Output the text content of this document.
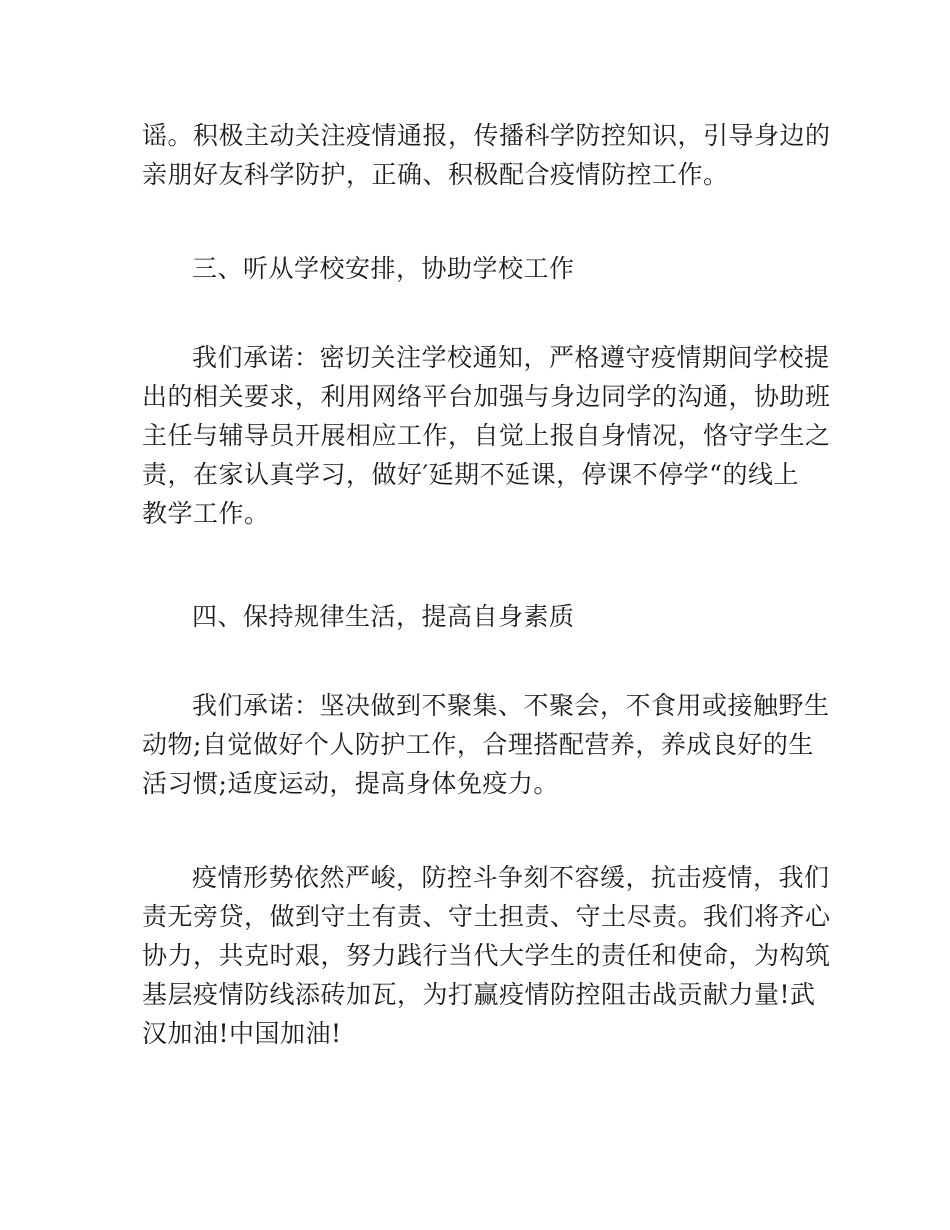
谣。积极主动关注疫情通报，传播科学防控知识，引导身边的
亲朋好友科学防护，正确、积极配合疫情防控工作。
三、听从学校安排，协助学校工作
我们承诺：密切关注学校通知，严格遵守疫情期间学校提
出的相关要求，利用网络平台加强与身边同学的沟通，协助班
主任与辅导员开展相应工作，自觉上报自身情况，恪守学生之
责，在家认真学习，做好′延期不延课，停课不停学“的线上
教学工作。
四、保持规律生活，提高自身素质
我们承诺：坚决做到不聚集、不聚会，不食用或接触野生
动物;自觉做好个人防护工作，合理搭配营养，养成良好的生
活习惯;适度运动，提高身体免疫力。
疫情形势依然严峻，防控斗争刻不容缓，抗击疫情，我们
责无旁贷，做到守土有责、守土担责、守土尽责。我们将齐心
协力，共克时艰，努力践行当代大学生的责任和使命，为构筑
基层疫情防线添砖加瓦，为打赢疫情防控阻击战贡献力量!武
汉加油!中国加油!
